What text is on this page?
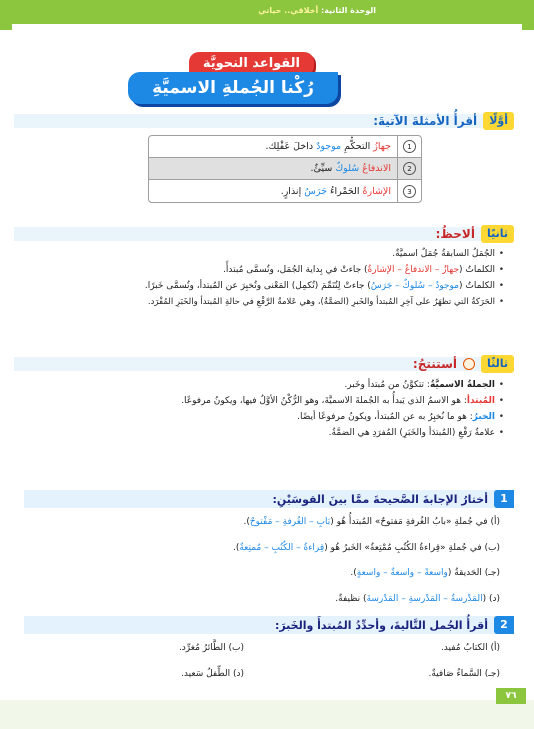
الوحدة الثانية: أخلاقي.. حياتي
القواعد النحويَّة
رُكْنا الجُملةِ الاسميَّةِ
أوَّلًا
أقرأُ الأمثلةَ الآتيةَ:
1
جهازُ التحكُّمِ موجودٌ داخلَ عَقْلِك.
2
الاندفاعُ سُلوكٌ سيِّئٌ.
3
الإشارةُ الحَمْراءُ جَرَسُ إنذارٍ.
ثانيًا
ألاحظُ:
• الجُمَلُ السابقةُ جُمَلٌ اسميَّةٌ.
• الكلماتُ (جهازُ – الاندفاعُ – الإشارةُ) جاءتْ في بِداية الجُمَل، وتُسمَّى مُبتدأً.
• الكلماتُ (موجودٌ – سُلوكٌ – جَرَسُ) جاءتْ لِتُتَمِّمَ (تُكمِل) المَعْنى وتُخبِرَ عن المُبتدأ، وتُسمَّى خَبرًا.
• الحَرَكةُ التي تظهَرُ على آخِرِ المُبتدأ والخَبرِ (الضمَّةُ)، وهي عَلامةُ الرَّفْعِ في حالةِ المُبتدأ والخَبَرِ المُفْرَد.
ثالثًا
أستنتجُ:
• الجملةُ الاسميَّةُ: تتكوَّنُ من مُبتدأ وخَبر.
• المُبتدأ: هو الاسمُ الذي يَبدأُ به الجُملةَ الاسميَّةَ، وهو الرُّكْنُ الأوَّلُ فيها، ويكونُ مرفوعًا.
• الخبرُ: هو ما نُخبِرُ به عن المُبتدأ، ويكونُ مرفوعًا أيضًا.
• علامةُ رَفْعِ (المُبتدَأ والخَبَرِ) المُفرَدِ هي الضمَّةُ.
1
أختارُ الإجابةَ الصَّحيحةَ ممَّا بينَ القوسَيْنِ:
(أ) في جُملةِ «بابُ الغُرفةِ مَفتوحٌ» المُبتدأُ هُو (بَابِ – الغُرفةِ – مَفْتوحٌ).
(ب) في جُملةِ «قِراءةُ الكُتُبِ مُمْتِعةٌ» الخَبرُ هُو (قِراءةُ – الكُتُبِ – مُمتِعةٌ).
(جـ) الحَديقةُ (واسعةً – واسعةٌ – واسعةٍ).
(د) (المَدْرسةُ – المَدْرسةِ – المَدْرسةَ) نظيفةٌ.
2
أقرأُ الجُمل التَّاليةَ، وأحدِّدُ المُبتدأَ والخَبرَ:
(أ) الكتابُ مُفيد.
(ب) الطَّائرُ مُغرِّد.
(جـ) السَّماءُ صَافيةٌ.
(د) الطِّفلُ سَعيد.
٧٦
